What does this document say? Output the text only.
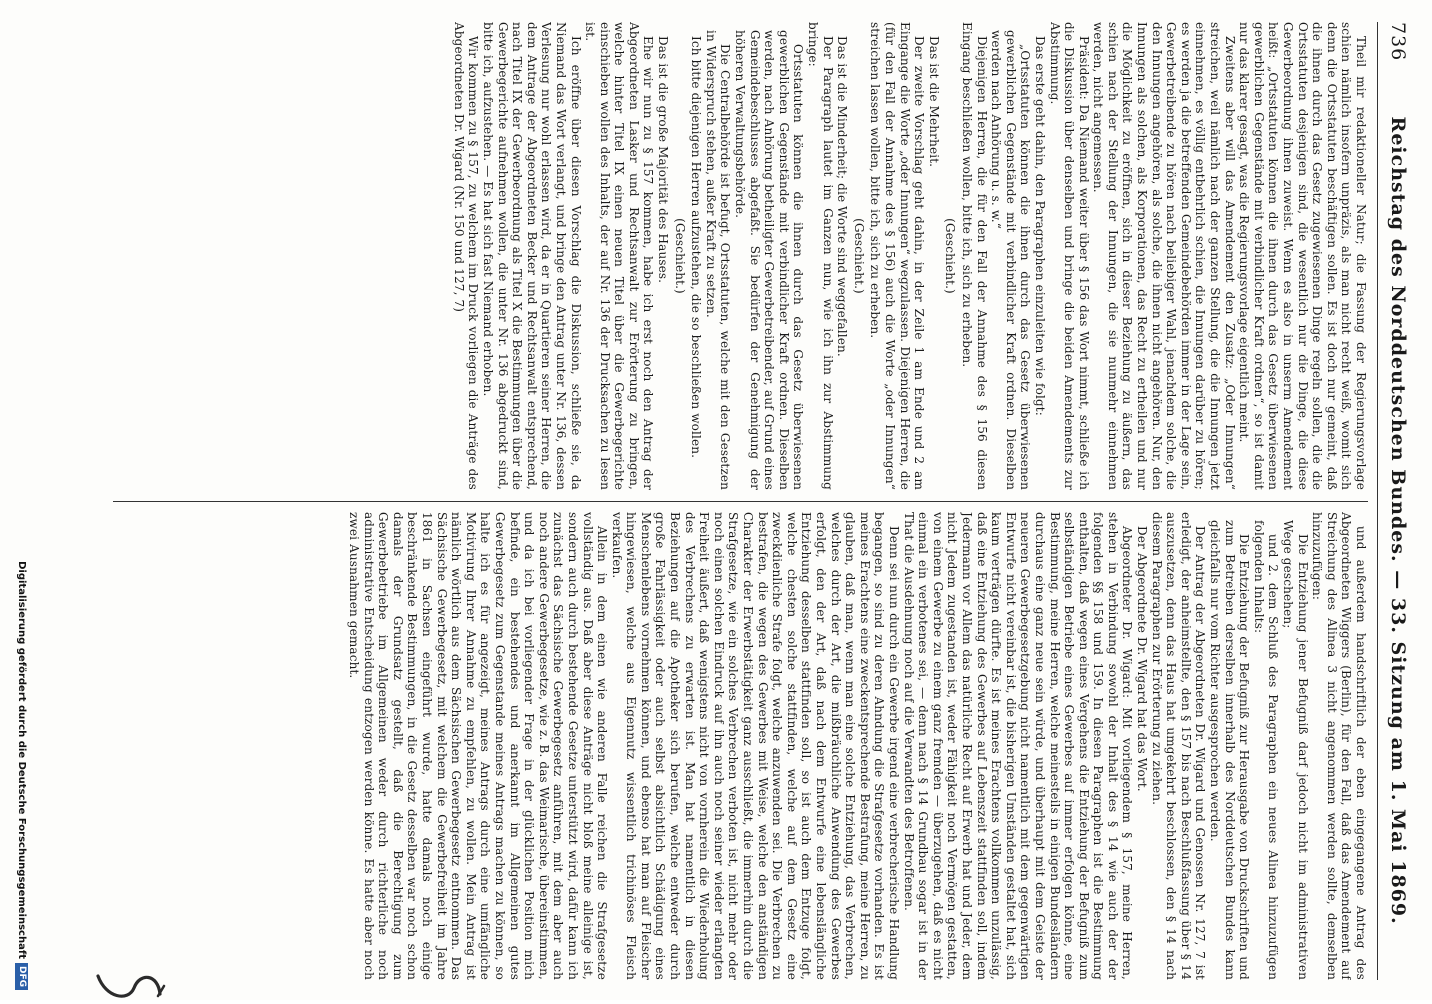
736
Reichstag des Norddeutschen Bundes. — 33. Sitzung am 1. Mai 1869.

Theil mir redaktioneller Natur; die Fassung der Regierungsvorlage schien nämlich insofern unpräzis, als man nicht recht weiß, womit sich denn die Ortsstatuten beschäftigen sollen. Es ist doch nur gemeint, daß die ihnen durch das Gesetz zugewiesenen Dinge regeln sollen, die die Ortsstatuten desjenigen sind, die wesentlich nur die Dinge, die diese Gewerbeordnung ihnen zuweist. Wenn es also in unserm Amendement heißt: „Ortsstatuten können die ihnen durch das Gesetz überwiesenen gewerblichen Gegenstände mit verbindlicher Kraft ordnen“, so ist damit nur das klarer gesagt, was die Regierungsvorlage eigentlich meint.

Zweitens aber will das Amendement den Zusatz: „Oder Innungen“ streichen, weil nämlich nach der ganzen Stellung, die die Innungen jetzt einnehmen, es völlig entbehrlich schien, die Innungen darüber zu hören; es werden ja die betreffenden Gemeindebehörden immer in der Lage sein, Gewerbetreibende zu hören nach beliebiger Wahl, jenachdem solche, die den Innungen angehören, als solche, die ihnen nicht angehören. Nur, den Innungen als solchen, als Korporationen, das Recht zu ertheilen und nur die Möglichkeit zu eröffnen, sich in dieser Beziehung zu äußern, das schien nach der Stellung der Innungen, die sie nunmehr einnehmen werden, nicht angemessen.

Präsident: Da Niemand weiter über § 156 das Wort nimmt, schließe ich die Diskussion über denselben und bringe die beiden Amendements zur Abstimmung.

Das erste geht dahin, den Paragraphen einzuleiten wie folgt:

„Ortsstatuten können die ihnen durch das Gesetz überwiesenen gewerblichen Gegenstände mit verbindlicher Kraft ordnen. Dieselben werden nach Anhörung u. s. w.“

Diejenigen Herren, die für den Fall der Annahme des § 156 diesen Eingang beschließen wollen, bitte ich, sich zu erheben.

(Geschieht.)

Das ist die Mehrheit.

Der zweite Vorschlag geht dahin, in der Zeile 1 am Ende und 2 am Eingange die Worte „oder Innungen“ wegzulassen. Diejenigen Herren, die (für den Fall der Annahme des § 156) auch die Worte „oder Innungen“ streichen lassen wollen, bitte ich, sich zu erheben.

(Geschieht.)

Das ist die Minderheit; die Worte sind weggefallen.

Der Paragraph lautet im Ganzen nun, wie ich ihn zur Abstimmung bringe:

Ortsstatuten können die ihnen durch das Gesetz überwiesenen gewerblichen Gegenstände mit verbindlicher Kraft ordnen. Dieselben werden, nach Anhörung betheiligter Gewerbetreibender, auf Grund eines Gemeindebeschlusses abgefaßt. Sie bedürfen der Genehmigung der höheren Verwaltungsbehörde.

Die Centralbehörde ist befugt, Ortsstatuten, welche mit den Gesetzen in Widerspruch stehen, außer Kraft zu setzen.

Ich bitte diejenigen Herren aufzustehen, die so beschließen wollen.

(Geschieht.)

Das ist die große Majorität des Hauses.

Ehe wir nun zu § 157 kommen, habe ich erst noch den Antrag der Abgeordneten Lasker und Rechtsanwalt zur Erörterung zu bringen, welche hinter Titel IX einen neuen Titel über die Gewerbegerichte einschieben wollen des Inhalts, der auf Nr. 136 der Drucksachen zu lesen ist.

Ich eröffne über diesen Vorschlag die Diskussion, schließe sie, da Niemand das Wort verlangt, und bringe den Antrag unter Nr. 136, dessen Verlesung nur wohl erlassen wird, da er in Quartieren seiner Herren, die dem Antrage der Abgeordneten Becker und Rechtsanwalt entsprechend, nach Titel IX der Gewerbeordnung als Titel X die Bestimmungen über die Gewerbegerichte aufnehmen wollen, die unter Nr. 136 abgedruckt sind, bitte ich, aufzustehen. — Es hat sich fast Niemand erhoben.

Wir kommen zu § 157, zu welchem im Druck vorliegen die Anträge des Abgeordneten Dr. Wigard (Nr. 150 und 127, 7)

und außerdem handschriftlich der eben eingegangene Antrag des Abgeordneten Wiggers (Berlin), für den Fall, daß das Amendement auf Streichung des Alinea 3 nicht angenommen werden sollte, demselben hinzuzufügen:

Die Entziehung jener Befugniß darf jedoch nicht im administrativen Wege geschehen;

und 2. dem Schluß des Paragraphen ein neues Alinea hinzuzufügen folgenden Inhalts:

Die Entziehung der Befugniß zur Herausgabe von Druckschriften und zum Betreiben derselben innerhalb des Norddeutschen Bundes kann gleichfalls nur vom Richter ausgesprochen werden.

Der Antrag der Abgeordneten Dr. Wigard und Genossen Nr. 127, 7 ist erledigt, der anheimstellte, den § 157 bis nach Beschlußfassung über § 14 auszusetzen, denn das Haus hat umgekehrt beschlossen, den § 14 nach diesem Paragraphen zur Erörterung zu ziehen.

Der Abgeordnete Dr. Wigard hat das Wort.

Abgeordneter Dr. Wigard: Mit vorliegendem § 157, meine Herren, stehen in Verbindung sowohl der Inhalt des § 14 wie auch der der folgenden §§ 158 und 159. In diesen Paragraphen ist die Bestimmung enthalten, daß wegen eines Vergehens die Entziehung der Befugniß zum selbständigen Betriebe eines Gewerbes auf immer erfolgen könne, eine Bestimmung, meine Herren, welche meinesteils in einigen Bundesländern durchaus eine ganz neue sein würde, und überhaupt mit dem Geiste der neueren Gewerbegesetzgebung nicht namentlich mit dem gegenwärtigen Entwurfe nicht vereinbar ist, die bisherigen Umständen gestaltet hat, sich kaum verträgen dürfte. Es ist meines Erachtens vollkommen unzulässig, daß eine Entziehung des Gewerbes auf Lebenszeit stattfinden soll, indem Jedermann vor Allem das natürliche Recht auf Erwerb hat und Jeder, dem nicht Jedem zugestanden ist, weder Fähigkeit noch Vermögen gestatten, von einem Gewerbe zu einem ganz fremden — überzugehen, daß es nicht einmal ein verbotenes sei, — denn nach § 14 Grundbau sogar ist in der That die Ausdehnung noch auf die Verwandten des Betroffenen.

Denn sei nun durch ein Gewerbe irgend eine verbrecherische Handlung begangen, so sind zu deren Ahndung die Strafgesetze vorhanden. Es ist meines Erachtens eine zweckentsprechende Bestrafung, meine Herren, zu glauben, daß man, wenn man eine solche Entziehung, das Verbrechen, welches durch der Art, die mißbräuchliche Anwendung des Gewerbes erfolgt, den der Art, daß nach dem Entwurfe eine lebenslängliche Entziehung desselben stattfinden soll, so ist auch dem Entzuge folgt, welche chesten solche stattfinden, welche auf dem Gesetz eine zweckdienliche Strafe folgt, welche anzuwenden sei. Die Verbrechen zu bestrafen, die wegen des Gewerbes mit Weise, welche den anständigen Charakter der Erwerbstätigkeit ganz ausschließt, die immerhin durch die Strafgesetze, wie ein solches Verbrechen verboten ist, nicht mehr oder noch einen solchen Eindruck auf ihn auch noch seiner wieder erlangten Freiheit äußert, daß wenigstens nicht von vornherein die Wiederholung des Verbrechens zu erwarten ist. Man hat namentlich in diesen Beziehungen auf die Apotheker sich berufen, welche entweder durch große Fahrlässigkeit oder auch selbst absichtlich Schädigung eines Menschenlebens vornehmen können, und ebenso hat man auf Fleischer hingewiesen, welche aus Eigennutz wissentlich trichinöses Fleisch verkaufen.

Allein in dem einen wie anderen Falle reichen die Strafgesetze vollständig aus. Daß aber diese Anträge nicht bloß meine alleinige ist, sondern auch durch bestehende Gesetze unterstützt wird, dafür kann ich zunächst das Sächsische Gewerbegesetz anführen, mit dem aber auch noch andere Gewerbegesetze, wie z. B. das Weimarische, übereinstimmen, und da ich bei vorliegender Frage in der glücklichen Position mich befinde, ein bestehendes und anerkannt im Allgemeinen gutes Gewerbegesetz zum Gegenstande meines Antrags machen zu können, so halte ich es für angezeigt, meines Antrags durch eine umfängliche Motivirung Ihrer Annahme zu empfehlen, zu wollen. Mein Antrag ist nämlich wörtlich aus dem Sächsischen Gewerbegesetz entnommen. Das Sächsische Gewerbegesetz, mit welchem die Gewerbefreiheit im Jahre 1861 in Sachsen eingeführt wurde, hatte damals noch einige beschränkende Bestimmungen, in die Gesetz desselben war noch schon damals der Grundsatz gestellt, daß die Berechtigung zum Gewerbebetriebe im Allgemeinen weder durch richterliche noch administrative Entscheidung entzogen werden könne. Es hatte aber noch zwei Ausnahmen gemacht.

Digitalisierung gefördert durch die Deutsche Forschungsgemeinschaft
DFG
